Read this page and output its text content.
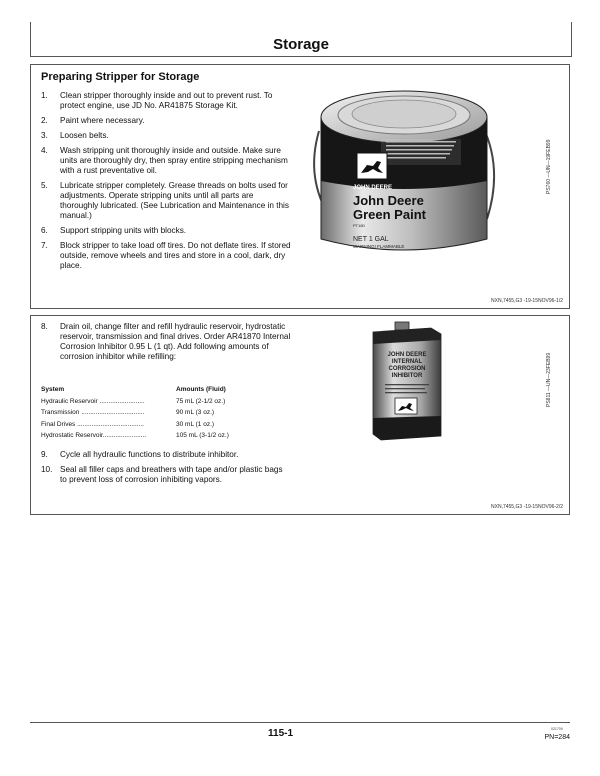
Storage
Preparing Stripper for Storage
1. Clean stripper thoroughly inside and out to prevent rust. To protect engine, use JD No. AR41875 Storage Kit.
2. Paint where necessary.
3. Loosen belts.
4. Wash stripping unit thoroughly inside and outside. Make sure units are thoroughly dry, then spray entire stripping mechanism with a rust preventative oil.
5. Lubricate stripper completely. Grease threads on bolts used for adjustments. Operate stripping units until all parts are thoroughly lubricated. (See Lubrication and Maintenance in this manual.)
6. Support stripping units with blocks.
7. Block stripper to take load off tires. Do not deflate tires. If stored outside, remove wheels and tires and store in a cool, dark, dry place.
JOHN DEERE
John Deere
Green Paint
PT180
NET 1 GAL
WARNING! FLAMMABLE
PS760 —UN—19FEB99
NXN,7455,G3 -19-15NOV96-1/2
8. Drain oil, change filter and refill hydraulic reservoir, hydrostatic reservoir, transmission and final drives. Order AR41870 Internal Corrosion Inhibitor 0.95 L (1 qt). Add following amounts of corrosion inhibitor while refilling:
System	Amounts (Fluid)
Hydraulic Reservoir .........................	75 mL (2-1/2 oz.)
Transmission ...................................	90 mL (3 oz.)
Final Drives .....................................	30 mL (1 oz.)
Hydrostatic Reservoir........................	105 mL (3-1/2 oz.)
9. Cycle all hydraulic functions to distribute inhibitor.
10. Seal all filler caps and breathers with tape and/or plastic bags to prevent loss of corrosion inhibiting vapors.
JOHN DEERE
INTERNAL
CORROSION
INHIBITOR	PS811 —UN—23FEB99
NXN,7455,G3 -19-15NOV96-2/2
115-1	021709
PN=284
